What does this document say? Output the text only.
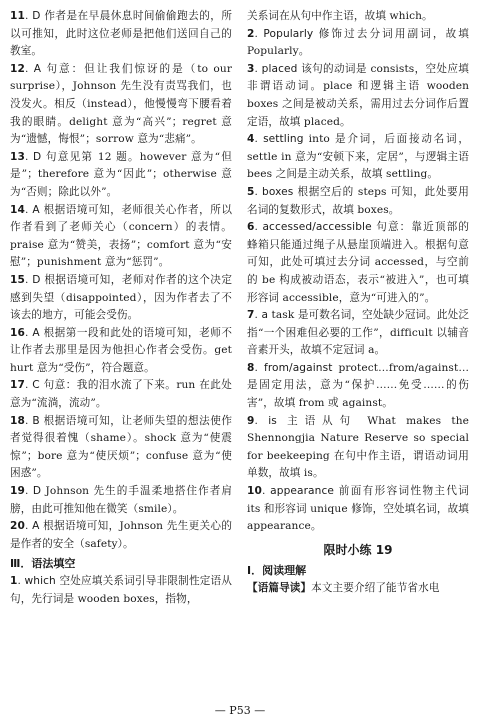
11. D 作者是在早晨休息时间偷偷跑去的，所以可推知，此时这位老师是把他们送回自己的教室。

12. A 句意：但让我们惊讶的是（to our surprise），Johnson 先生没有责骂我们，也没发火。相反（instead），他慢慢弯下腰看着我的眼睛。delight 意为“高兴”；regret 意为“遗憾，悔恨”；sorrow 意为“悲痛”。

13. D 句意见第 12 题。however 意为“但是”；therefore 意为“因此”；otherwise 意为“否则；除此以外”。

14. A 根据语境可知，老师很关心作者，所以作者看到了老师关心（concern）的表情。praise 意为“赞美，表扬”；comfort 意为“安慰”；punishment 意为“惩罚”。

15. D 根据语境可知，老师对作者的这个决定感到失望（disappointed），因为作者去了不该去的地方，可能会受伤。

16. A 根据第一段和此处的语境可知，老师不让作者去那里是因为他担心作者会受伤。get hurt 意为“受伤”，符合题意。

17. C 句意：我的泪水流了下来。run 在此处意为“流淌，流动”。

18. B 根据语境可知，让老师失望的想法使作者觉得很着愧（shame）。shock 意为“使震惊”；bore 意为“使厌烦”；confuse 意为“使困惑”。

19. D Johnson 先生的手温柔地搭住作者肩膀，由此可推知他在微笑（smile）。

20. A 根据语境可知，Johnson 先生更关心的是作者的安全（safety）。

Ⅲ．语法填空

1. which 空处应填关系词引导非限制性定语从句，先行词是 wooden boxes，指物，

关系词在从句中作主语，故填 which。

2. Popularly 修饰过去分词用副词，故填 Popularly。

3. placed 该句的动词是 consists，空处应填非谓语动词。place 和逻辑主语 wooden boxes 之间是被动关系，需用过去分词作后置定语，故填 placed。

4. settling into 是介词，后面接动名词，settle in 意为“安顿下来，定居”，与逻辑主语 bees 之间是主动关系，故填 settling。

5. boxes 根据空后的 steps 可知，此处要用名词的复数形式，故填 boxes。

6. accessed/accessible 句意：靠近顶部的蜂箱只能通过绳子从悬崖顶端进入。根据句意可知，此处可填过去分词 accessed，与空前的 be 构成被动语态，表示“被进入”，也可填形容词 accessible，意为“可进入的”。

7. a task 是可数名词，空处缺少冠词。此处泛指“一个困难但必要的工作”，difficult 以辅音音素开头，故填不定冠词 a。

8. from/against protect…from/against…是固定用法，意为“保护……免受……的伤害”，故填 from 或 against。

9. is 主语从句 What makes the Shennongjia Nature Reserve so special for beekeeping 在句中作主语，谓语动词用单数，故填 is。

10. appearance 前面有形容词性物主代词 its 和形容词 unique 修饰，空处填名词，故填 appearance。

限时小练 19
Ⅰ．阅读理解

【语篇导读】本文主要介绍了能节省水电

— P53 —
